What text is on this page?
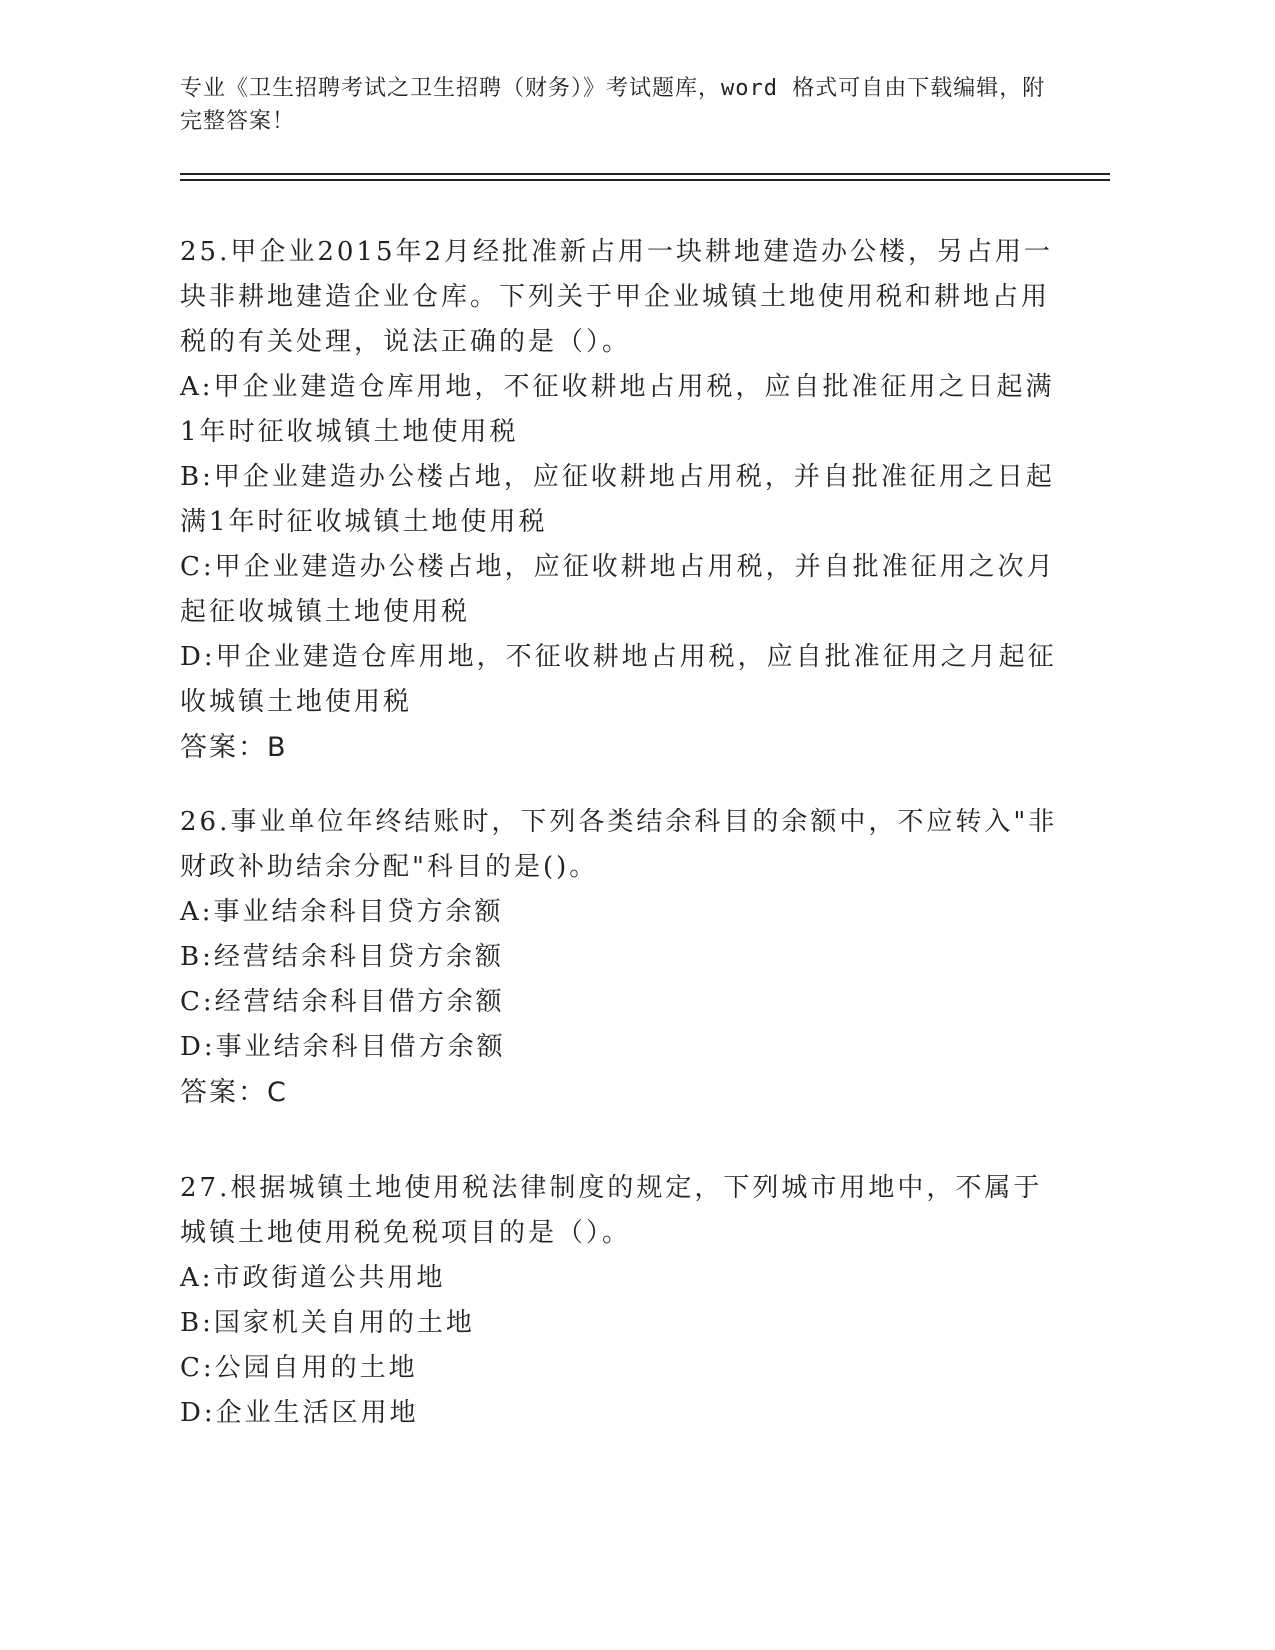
专业《卫生招聘考试之卫生招聘（财务）》考试题库，word 格式可自由下载编辑，附完整答案！

25.甲企业2015年2月经批准新占用一块耕地建造办公楼，另占用一块非耕地建造企业仓库。下列关于甲企业城镇土地使用税和耕地占用税的有关处理，说法正确的是（）。

A:甲企业建造仓库用地，不征收耕地占用税，应自批准征用之日起满1年时征收城镇土地使用税

B:甲企业建造办公楼占地，应征收耕地占用税，并自批准征用之日起满1年时征收城镇土地使用税

C:甲企业建造办公楼占地，应征收耕地占用税，并自批准征用之次月起征收城镇土地使用税

D:甲企业建造仓库用地，不征收耕地占用税，应自批准征用之月起征收城镇土地使用税

答案：B

26.事业单位年终结账时，下列各类结余科目的余额中，不应转入"非财政补助结余分配"科目的是()。

A:事业结余科目贷方余额

B:经营结余科目贷方余额

C:经营结余科目借方余额

D:事业结余科目借方余额

答案：C

27.根据城镇土地使用税法律制度的规定，下列城市用地中，不属于城镇土地使用税免税项目的是（）。

A:市政街道公共用地

B:国家机关自用的土地

C:公园自用的土地

D:企业生活区用地
